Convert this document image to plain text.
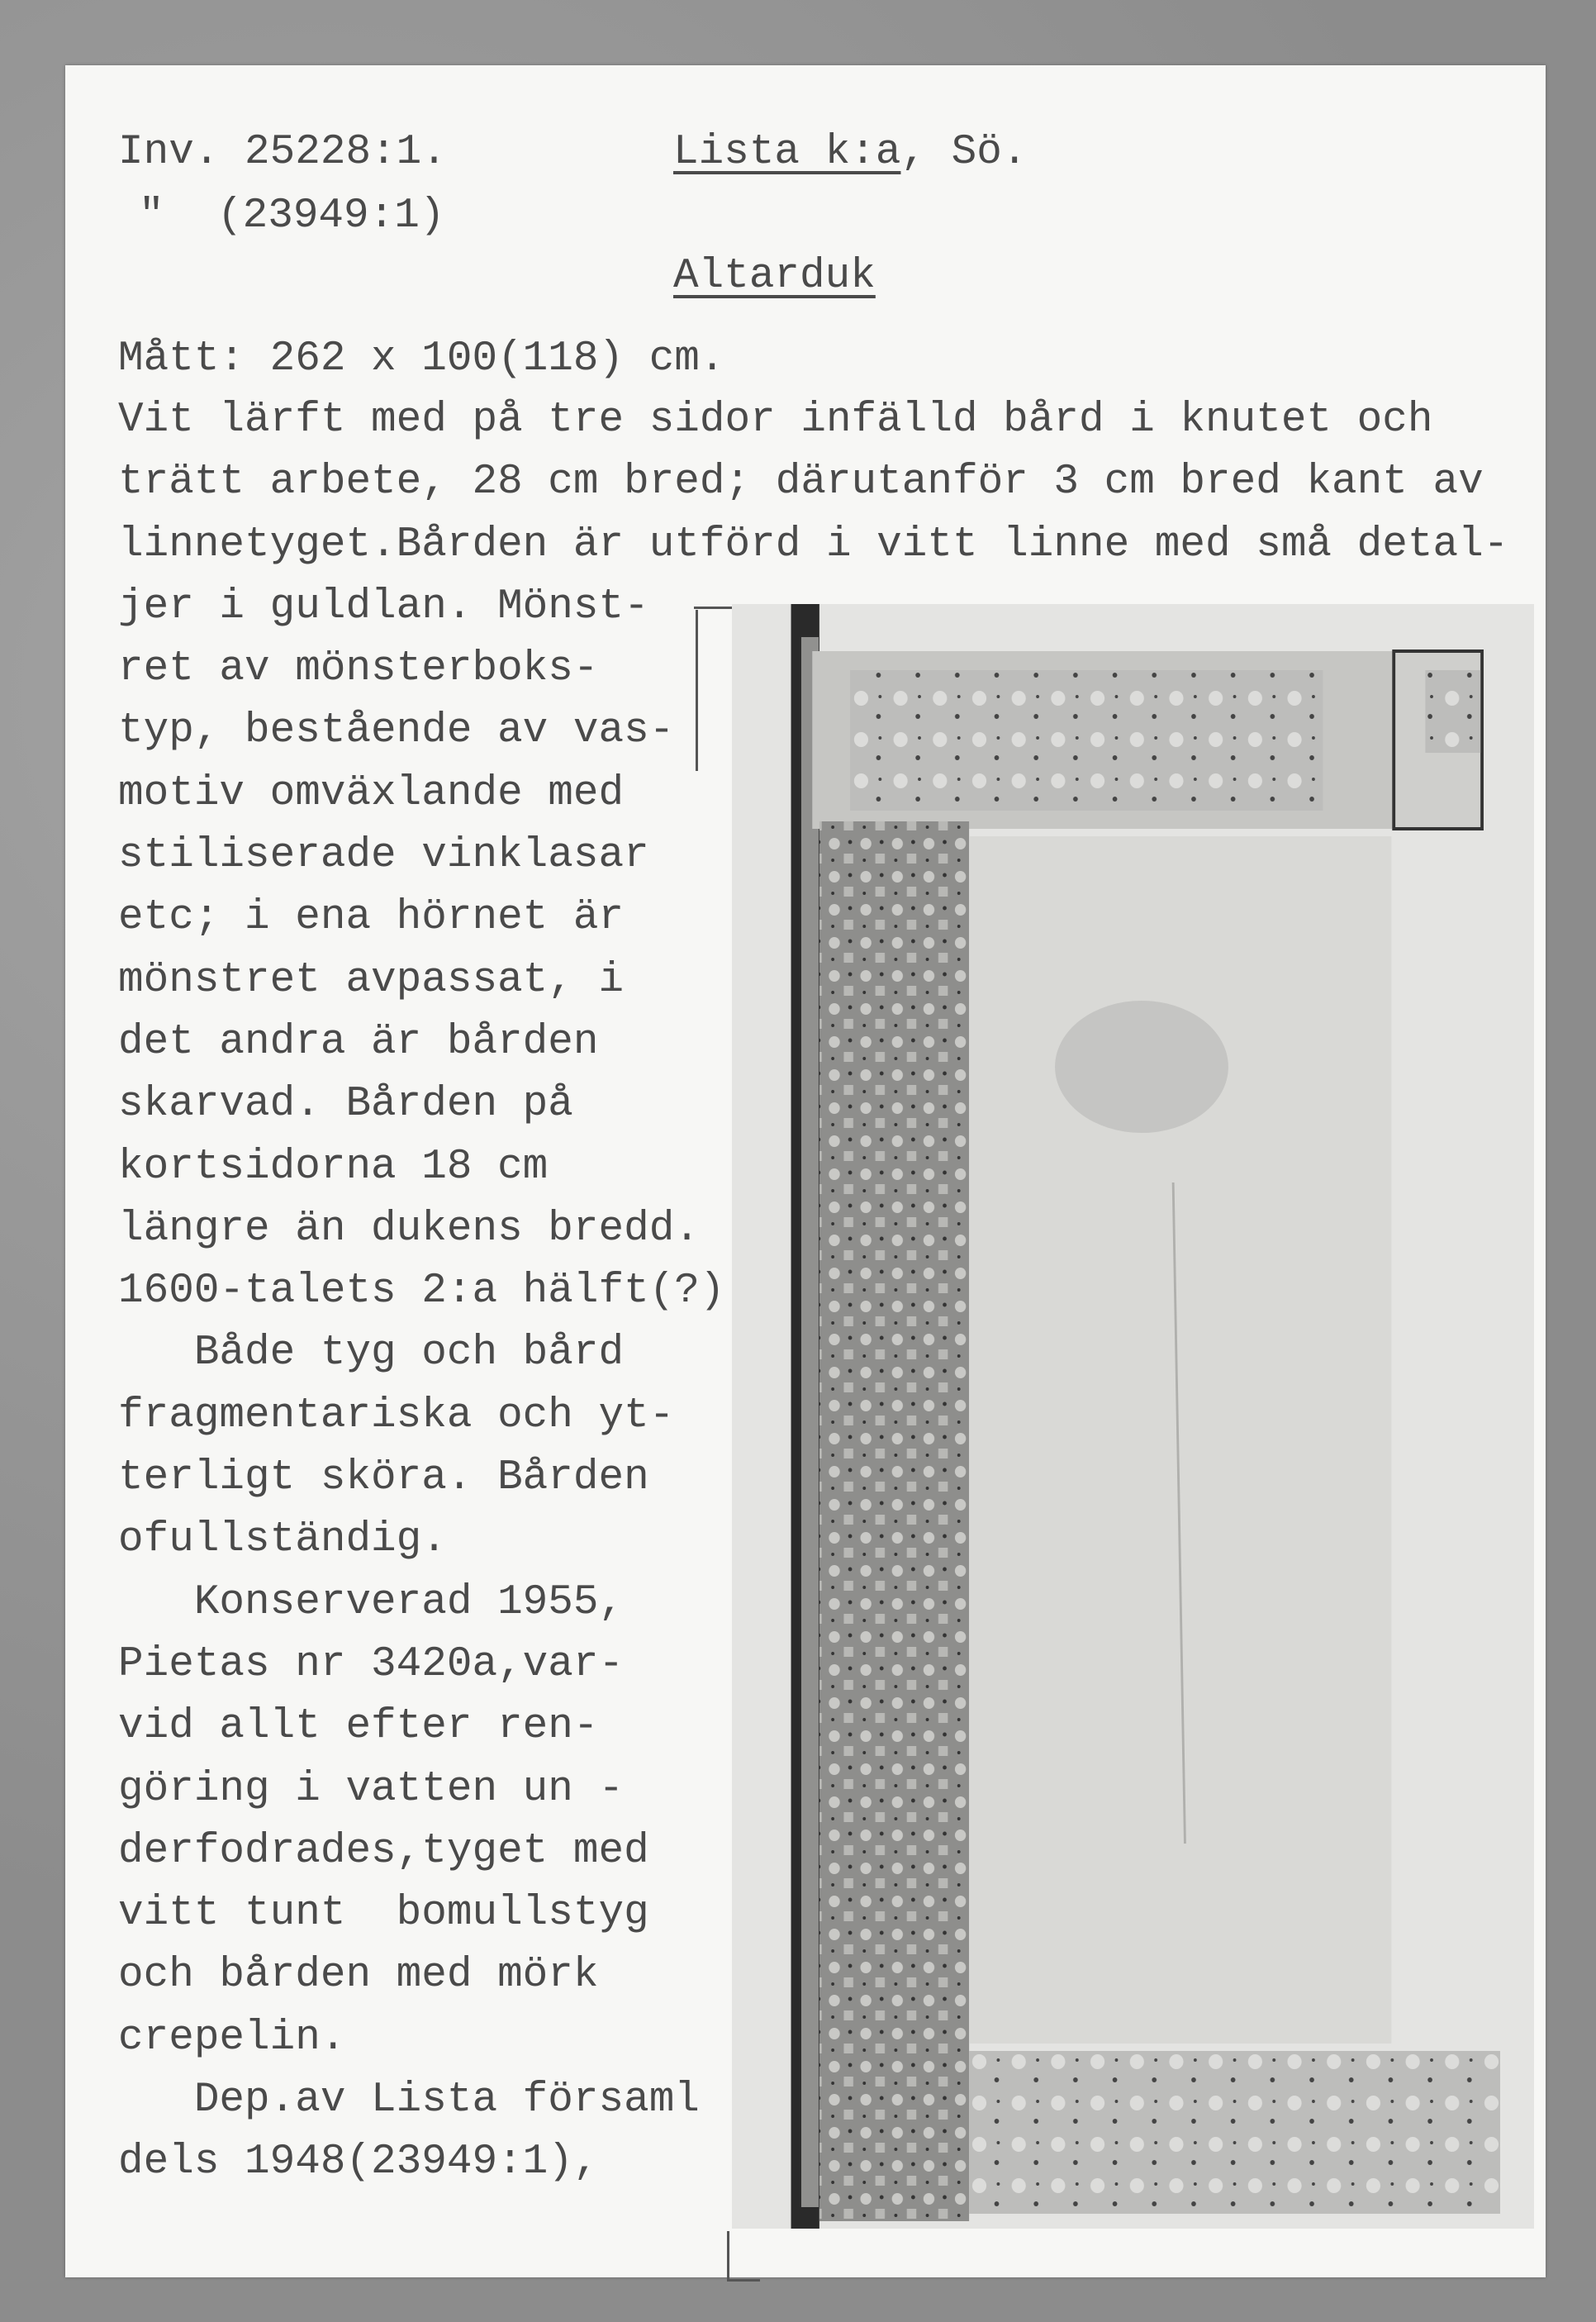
Inv. 25228:1.	Lista k:a, Sö.
" (23949:1)
Altarduk
Mått: 262 x 100(118) cm.
Vit lärft med på tre sidor infälld bård i knutet och
trätt arbete, 28 cm bred; därutanför 3 cm bred kant av
linnetyget.Bården är utförd i vitt linne med små detal-
jer i guldlan. Mönst-
ret av mönsterboks-
typ, bestående av vas-
motiv omväxlande med
stiliserade vinklasar
etc; i ena hörnet är
mönstret avpassat, i
det andra är bården
skarvad. Bården på
kortsidorna 18 cm
längre än dukens bredd.
1600-talets 2:a hälft(?)
Både tyg och bård
fragmentariska och yt-
terligt sköra. Bården
ofullständig.
Konserverad 1955,
Pietas nr 3420a,var-
vid allt efter ren-
göring i vatten un -
derfodrades,tyget med
vitt tunt  bomullstyg
och bården med mörk
crepelin.
Dep.av Lista församl
dels 1948(23949:1),
